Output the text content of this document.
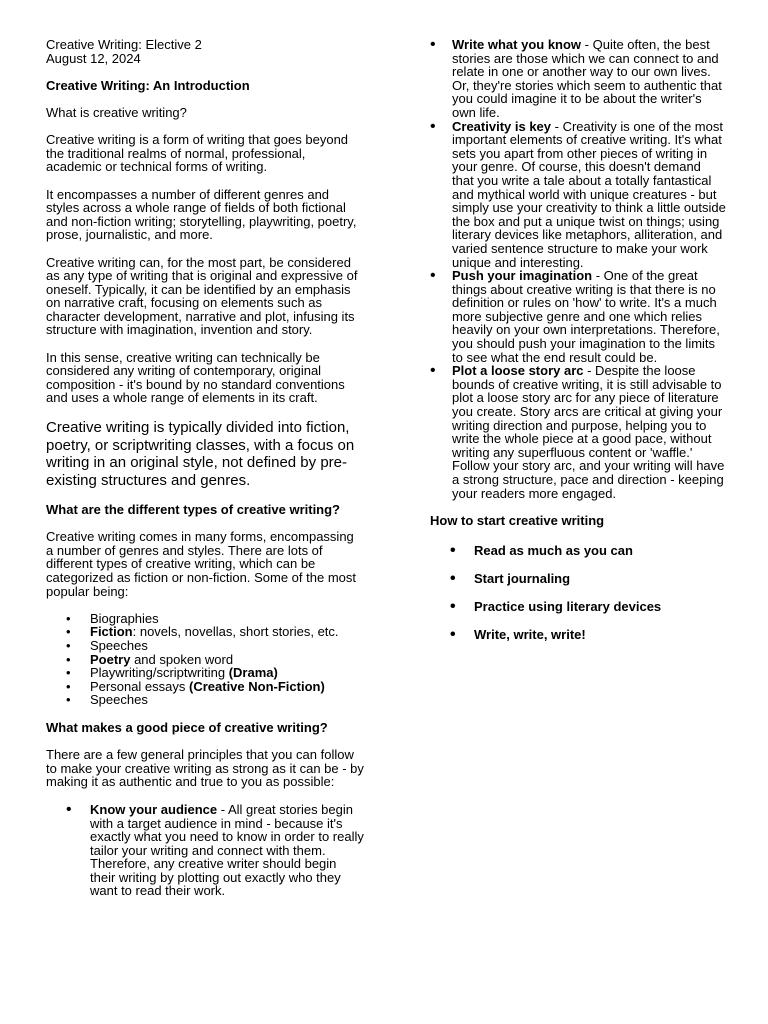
Creative Writing: Elective 2

August 12, 2024

Creative Writing: An Introduction

What is creative writing?

Creative writing is a form of writing that goes beyond the traditional realms of normal, professional, academic or technical forms of writing.

It encompasses a number of different genres and styles across a whole range of fields of both fictional and non-fiction writing; storytelling, playwriting, poetry, prose, journalistic, and more.

Creative writing can, for the most part, be considered as any type of writing that is original and expressive of oneself. Typically, it can be identified by an emphasis on narrative craft, focusing on elements such as character development, narrative and plot, infusing its structure with imagination, invention and story.

In this sense, creative writing can technically be considered any writing of contemporary, original composition - it's bound by no standard conventions and uses a whole range of elements in its craft.

Creative writing is typically divided into fiction, poetry, or scriptwriting classes, with a focus on writing in an original style, not defined by pre-existing structures and genres.

What are the different types of creative writing?

Creative writing comes in many forms, encompassing a number of genres and styles. There are lots of different types of creative writing, which can be categorized as fiction or non-fiction. Some of the most popular being:

• Biographies
• Fiction: novels, novellas, short stories, etc.
• Speeches
• Poetry and spoken word
• Playwriting/scriptwriting (Drama)
• Personal essays (Creative Non-Fiction)
• Speeches

What makes a good piece of creative writing?

There are a few general principles that you can follow to make your creative writing as strong as it can be - by making it as authentic and true to you as possible:

• Know your audience - All great stories begin with a target audience in mind - because it's exactly what you need to know in order to really tailor your writing and connect with them. Therefore, any creative writer should begin their writing by plotting out exactly who they want to read their work.
• Write what you know - Quite often, the best stories are those which we can connect to and relate in one or another way to our own lives. Or, they're stories which seem to authentic that you could imagine it to be about the writer's own life.
• Creativity is key - Creativity is one of the most important elements of creative writing. It's what sets you apart from other pieces of writing in your genre. Of course, this doesn't demand that you write a tale about a totally fantastical and mythical world with unique creatures - but simply use your creativity to think a little outside the box and put a unique twist on things; using literary devices like metaphors, alliteration, and varied sentence structure to make your work unique and interesting.
• Push your imagination - One of the great things about creative writing is that there is no definition or rules on 'how' to write. It's a much more subjective genre and one which relies heavily on your own interpretations. Therefore, you should push your imagination to the limits to see what the end result could be.
• Plot a loose story arc - Despite the loose bounds of creative writing, it is still advisable to plot a loose story arc for any piece of literature you create. Story arcs are critical at giving your writing direction and purpose, helping you to write the whole piece at a good pace, without writing any superfluous content or 'waffle.' Follow your story arc, and your writing will have a strong structure, pace and direction - keeping your readers more engaged.

How to start creative writing

• Read as much as you can
• Start journaling
• Practice using literary devices
• Write, write, write!
